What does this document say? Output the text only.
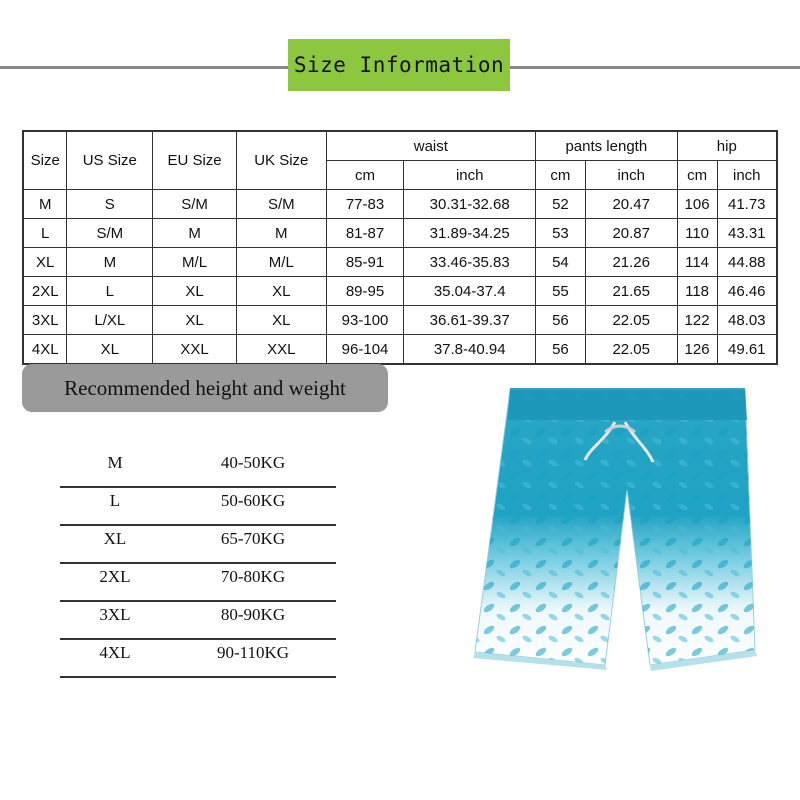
Size Information
Size	US Size	EU Size	UK Size	waist		pants length		hip	
				cm	inch	cm	inch	cm	inch
M	S	S/M	S/M	77-83	30.31-32.68	52	20.47	106	41.73
L	S/M	M	M	81-87	31.89-34.25	53	20.87	110	43.31
XL	M	M/L	M/L	85-91	33.46-35.83	54	21.26	114	44.88
2XL	L	XL	XL	89-95	35.04-37.4	55	21.65	118	46.46
3XL	L/XL	XL	XL	93-100	36.61-39.37	56	22.05	122	48.03
4XL	XL	XXL	XXL	96-104	37.8-40.94	56	22.05	126	49.61
Recommended height and weight
M	40-50KG
L	50-60KG
XL	65-70KG
2XL	70-80KG
3XL	80-90KG
4XL	90-110KG
